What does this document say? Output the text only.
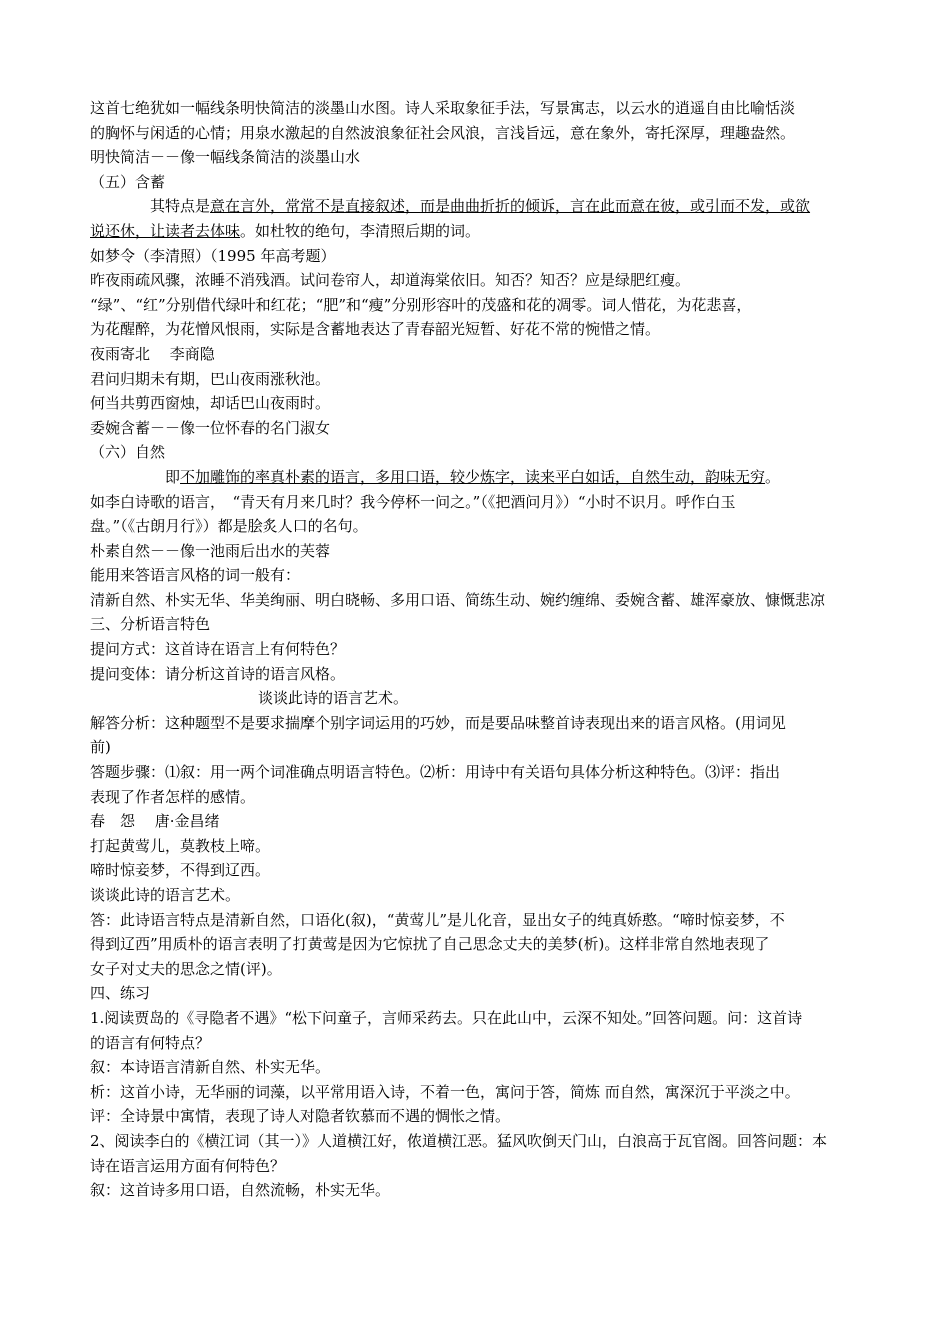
这首七绝犹如一幅线条明快简洁的淡墨山水图。诗人采取象征手法，写景寓志，以云水的逍遥自由比喻恬淡
的胸怀与闲适的心情；用泉水激起的自然波浪象征社会风浪，言浅旨远，意在象外，寄托深厚，理趣盎然。
明快简洁－－像一幅线条简洁的淡墨山水
（五）含蓄
其特点是意在言外，常常不是直接叙述，而是曲曲折折的倾诉，言在此而意在彼，或引而不发，或欲
说还休，让读者去体味。如杜牧的绝句，李清照后期的词。
如梦令（李清照）（1995 年高考题）
昨夜雨疏风骤，浓睡不消残酒。试问卷帘人，却道海棠依旧。知否？知否？应是绿肥红瘦。
“绿”、“红”分别借代绿叶和红花；“肥”和“瘦”分别形容叶的茂盛和花的凋零。词人惜花，为花悲喜，
为花醒醉，为花憎风恨雨，实际是含蓄地表达了青春韶光短暂、好花不常的惋惜之情。
夜雨寄北　 李商隐
君问归期未有期，巴山夜雨涨秋池。
何当共剪西窗烛，却话巴山夜雨时。
委婉含蓄－－像一位怀春的名门淑女
（六）自然
即不加雕饰的率真朴素的语言，多用口语，较少炼字，读来平白如话，自然生动，韵味无穷。
如李白诗歌的语言，　“青天有月来几时？我今停杯一问之。”（《把酒问月》）“小时不识月。呼作白玉
盘。”（《古朗月行》）都是脍炙人口的名句。
朴素自然－－像一池雨后出水的芙蓉
能用来答语言风格的词一般有：
清新自然、朴实无华、华美绚丽、明白晓畅、多用口语、简练生动、婉约缠绵、委婉含蓄、雄浑豪放、慷慨悲凉
三、分析语言特色
提问方式：这首诗在语言上有何特色？
提问变体：请分析这首诗的语言风格。
谈谈此诗的语言艺术。
解答分析：这种题型不是要求揣摩个别字词运用的巧妙，而是要品味整首诗表现出来的语言风格。(用词见
前)
答题步骤：⑴叙：用一两个词准确点明语言特色。⑵析：用诗中有关语句具体分析这种特色。⑶评：指出
表现了作者怎样的感情。
春　怨　 唐·金昌绪
打起黄莺儿，莫教枝上啼。
啼时惊妾梦，不得到辽西。
谈谈此诗的语言艺术。
答：此诗语言特点是清新自然，口语化(叙)，“黄莺儿”是儿化音，显出女子的纯真娇憨。“啼时惊妾梦，不
得到辽西”用质朴的语言表明了打黄莺是因为它惊扰了自己思念丈夫的美梦(析)。这样非常自然地表现了
女子对丈夫的思念之情(评)。
四、练习
1.阅读贾岛的《寻隐者不遇》“松下问童子，言师采药去。只在此山中，云深不知处。”回答问题。问：这首诗
的语言有何特点？
叙：本诗语言清新自然、朴实无华。
析：这首小诗，无华丽的词藻，以平常用语入诗，不着一色，寓问于答，简炼 而自然，寓深沉于平淡之中。
评：全诗景中寓情，表现了诗人对隐者钦慕而不遇的惆怅之情。
2、阅读李白的《横江词（其一）》人道横江好，侬道横江恶。猛风吹倒天门山，白浪高于瓦官阁。回答问题：本
诗在语言运用方面有何特色？
叙：这首诗多用口语，自然流畅，朴实无华。
